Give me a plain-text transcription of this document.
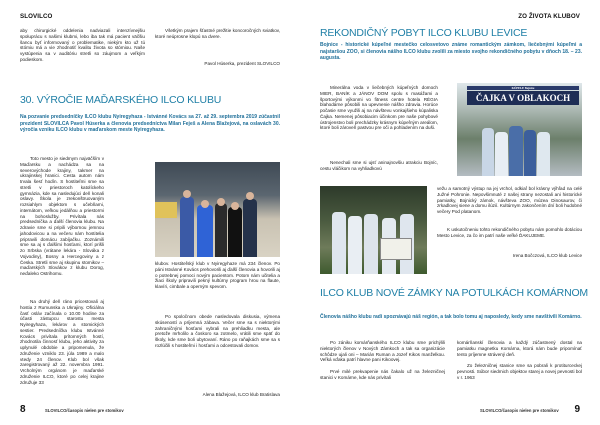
SLOVILCO
aby chirurgické oddelenia nadviazali intenzívnejšiu spoluprácu s našimi klubmi, lebo iba tak má pacient väčšiu šancu byť informovaný o problematike, niekým kto už tú stómiu má a vie zhodnotiť kvalitu života so stómiou. Naše vystúpenia sa v auditóriu stretli so záujmom a veľkým podieskom.
Všetkým prajem šťastné prežitie koncoročných sviatkov, ktoré neúprosne klopú na dvere.
Pavol Húserka, prezident SLOVILCO
30. VÝROČIE MAĎARSKÉHO ILCO KLUBU
Na pozvanie predsedníčky ILCO klubu Nyiregyhaza - Istvánné Kovács sa 27. až 29. septembra 2019 zúčastnil prezident SLOVILCA Pavol Húserka a členovia predsedníctva Milan Feješ a Alena Blažejová, na oslavách 30. výročia vzniku ILCO klubu v maďarskom meste Nyiregyhaza.
Toto mesto je siedmym najväčším v Maďarsku a nachádza sa na severovýchode krajiny, takmer na ukrajinskej hranici. Cesta autom nám trvala šesť hodín. S hostiteľmi sme sa stretli v priestoroch katolíckeho gymnázia, kde sa nasledujúci deň konali oslavy. Škola je zrekonštruovaným rozsiahlym objektom s učebňami, internátom, veľkou jedálňou a priestormi na bohoslužby. Privítala nás predsedníčka a ďalší členovia klubu. Na zdravie sme si pripili výbornou jemnou jahodovicou a na večeru nám hostitelia pripravili domácu zabíjačku. Zoznámili sme sa aj s ďalšími hosťami, ktorí prišli zo Srbska (vrátane lekára - Slováka z Vojvodiny), Bosny a Hercegoviny a z Česka. Stretli sme aj skupinu stomikov – maďarských Slovákov z klubu Dorog, neďaleko Ostrihomu.
Na druhý deň ráno pricestovali aj hostia z Rumunska a Ukrajiny. Oficiálna časť osláv začínala o 10.00 hodine za účasti zástupcu starostu mesta Nyiregyhaza, lekárov a stomických sestier. Predsedníčka klubu Istvánné Kovács privítala prítomných hostí, zhodnotila činnosť klubu, jeho aktivity za uplynulé obdobie a pripomenula, že združenie vzniklo 23. júla 1989 a malo vtedy 24 členov. Klub bol však zaregistrovaný až 22. novembra 1991. Vrcholným orgánom je maďarské združenie ILCO, ktoré po celej krajine združuje 33
klubov. Hostiteľský klub v Nyiregyhaze má 234 členov. Po páni Istvánné Kovács prehovorili aj ďalší členovia a hovorili aj o potrebnej pomoci novým pacientom. Potom nám učitelia a žiaci školy pripravili pekný kultúrny program hrou na flaute, klavíri, cimbale a operným spevom.
Po spoločnom obede nasledovala diskusia, výmena skúseností a príjemná zábava. Večer sme sa s niektorými zahraničnými hosťami vybrali na prehliadku mesta, ale pretože mrholilo a čoskoro sa zotmelo, vrátili sme späť do školy, kde sme boli ubytovaní. Ráno po raňajkách sme sa s rozlúčili s hostiteľmi i hosťami a odcestovali domov.
Alena Blažejová, ILCO klub Bratislava
8	SLOVILCO/časopis nielen pre stomikov
ZO ŽIVOTA KLUBOV
REKONDIČNÝ POBYT ILCO KLUBU LEVICE
Bojnice - historické kúpeľné mestečko celosvetovo známe romantickým zámkom, liečebnými kúpeľmi a najstaršou ZOO, si členovia nášho ILCO klubu zvolili za miesto svojho rekondičného pobytu v dňoch 18. – 23. augusta.
Minerálna voda v liečebných kúpeľných domoch MIER, BANÍK a JÁNOV DOM spolu s masážami a športovými výkonmi vo fitness centre hotela RÉGIA blahodárne pôsobili na upevnenie nášho zdravia. Horúce počasie sme využili aj na návštevu vonkajšieho kúpaliska Čajka. Nemenej pôsobiacim účinkom pre naše pohybové ústrojenstvo boli prechádzky krásnym kúpeľným areálom, ktoré boli zároveň pastvou pre oči a pohladením na duši.
Nenechali sme si ujsť aninajnovšiu atrakciu Bojníc, cestu vláčikom na vyhliadkovú
KÚPELE Bojnice
ČAJKA V OBLAKOCH
vežu a samotný výstup na jej vrchol, odkiaľ bol krásny výhľad na celé Južné Pohronie. Nepovšimnuté z našej strany nezostali ani historické pamiatky, Bojnický zámok, návšteva ZOO, múzea Dinosaurov, či zrkadlovej siene a domu ilúzií. Kultúrnym zakončením dní boli hudobné večery Pod platanom.
K uskutočneniu tohto rekondičného pobytu nám pomohlo dotáciou Mesto Levice, za čo im patrí naše veľké ĎAKUJEME.
Irena Bočczová, ILCO klub Levice
ILCO KLUB NOVÉ ZÁMKY NA POTULKÁCH KOMÁRNOM
Členovia nášho klubu radi spoznávajú náš región, a tak bolo tomu aj naposledy, kedy sme navštívili Komárno.
Po zániku komárňanského ILCO klubu sme prichýlili niektorých členov v Nových Zámkoch a tak sa organizácie schôdze ujali oni – Marián Ruman a Jozef Kikos manželkou. Veľká vďaka patrí hlavne pani Kikoovej.
Prvé milé prekvapenie nás čakalo už na železničnej stanici v Komárne, kde nás privítali
komárňanskí členovia a každý zúčastnený dostal na pamiatku magnetku Komárna, ktorá nám bude pripomínať tento príjemne strávený deň.
Zo železničnej stanice sme sa pobrali k protiturceckej pevnosti. Súbor siedmich objektov starej a novej pevnosti bol v r. 1963
SLOVILCO/časopis nielen pre stomikov 9
